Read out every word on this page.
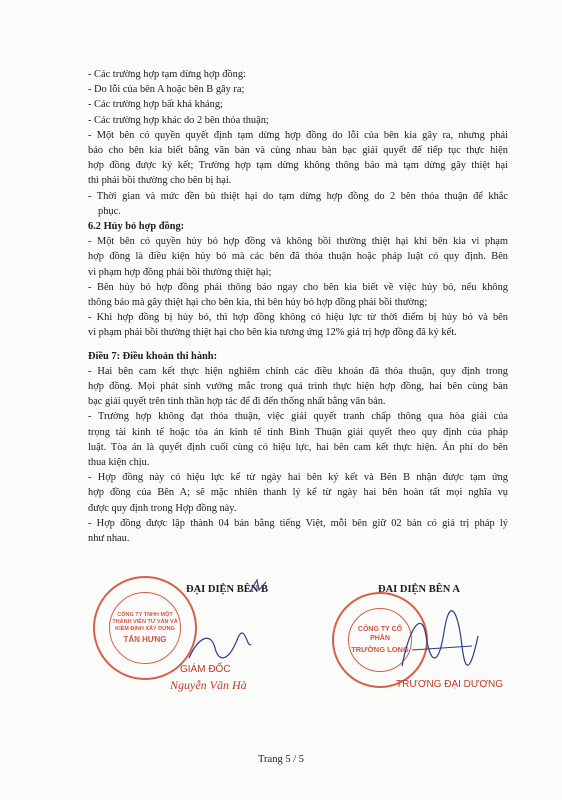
- Các trường hợp tạm dừng hợp đồng:
- Do lỗi của bên A hoặc bên B gây ra;
- Các trường hợp bất khả kháng;
- Các trường hợp khác do 2 bên thỏa thuận;
- Một bên có quyền quyết định tạm dừng hợp đồng do lỗi của bên kia gây ra, nhưng phải
báo cho bên kia biết bằng văn bản và cùng nhau bàn bạc giải quyết để tiếp tục thực hiện
hợp đồng được ký kết; Trường hợp tạm dừng không thông báo mà tạm dừng gây thiệt hại
thì phải bồi thường cho bên bị hại.
- Thời gian và mức đền bù thiệt hại do tạm dừng hợp đồng do 2 bên thỏa thuận để khắc
phục.
6.2 Hủy bỏ hợp đồng:
- Một bên có quyền hủy bỏ hợp đồng và không bồi thường thiệt hại khi bên kia vi phạm
hợp đồng là điều kiện hủy bỏ mà các bên đã thỏa thuận hoặc pháp luật có quy định. Bên
vi phạm hợp đồng phải bồi thường thiệt hại;
- Bên hủy bỏ hợp đồng phải thông báo ngay cho bên kia biết về việc hủy bỏ, nếu không
thông báo mà gây thiệt hại cho bên kia, thì bên hủy bỏ hợp đồng phải bồi thường;
- Khi hợp đồng bị hủy bỏ, thì hợp đồng không có hiệu lực từ thời điểm bị hủy bỏ và bên
vi phạm phải bồi thường thiệt hại cho bên kia tương ứng 12% giá trị hợp đồng đã ký kết.
Điều 7: Điều khoản thi hành:
- Hai bên cam kết thực hiện nghiêm chỉnh các điều khoản đã thỏa thuận, quy định trong
hợp đồng. Mọi phát sinh vướng mắc trong quá trình thực hiện hợp đồng, hai bên cùng bàn
bạc giải quyết trên tinh thần hợp tác để đi đến thống nhất bằng văn bản.
- Trường hợp không đạt thỏa thuận, việc giải quyết tranh chấp thông qua hòa giải của
trọng tài kinh tế hoặc tòa án kinh tế tỉnh Bình Thuận giải quyết theo quy định của pháp
luật. Tòa án là quyết định cuối cùng có hiệu lực, hai bên cam kết thực hiện. Án phí do bên
thua kiện chịu.
- Hợp đồng này có hiệu lực kể từ ngày hai bên ký kết và Bên B nhận được tạm ứng
hợp đồng của Bên A; sẽ mặc nhiên thanh lý kể từ ngày hai bên hoàn tất mọi nghĩa vụ
được quy định trong Hợp đồng này.
- Hợp đồng được lập thành 04 bản bằng tiếng Việt, mỗi bên giữ 02 bản có giá trị pháp lý
như nhau.
CÔNG TY TNHH MỘT THÀNH VIÊN TƯ VẤN VÀ KIỂM ĐỊNH XÂY DỰNG
TẤN HƯNG
ĐẠI DIỆN BÊN B
GIÁM ĐỐC
Nguyễn Văn Hà
ĐẠI DIỆN BÊN A
CÔNG TY CỔ PHẦN
TRƯỜNG LONG
TRƯƠNG ĐẠI DƯƠNG
Trang 5 / 5
